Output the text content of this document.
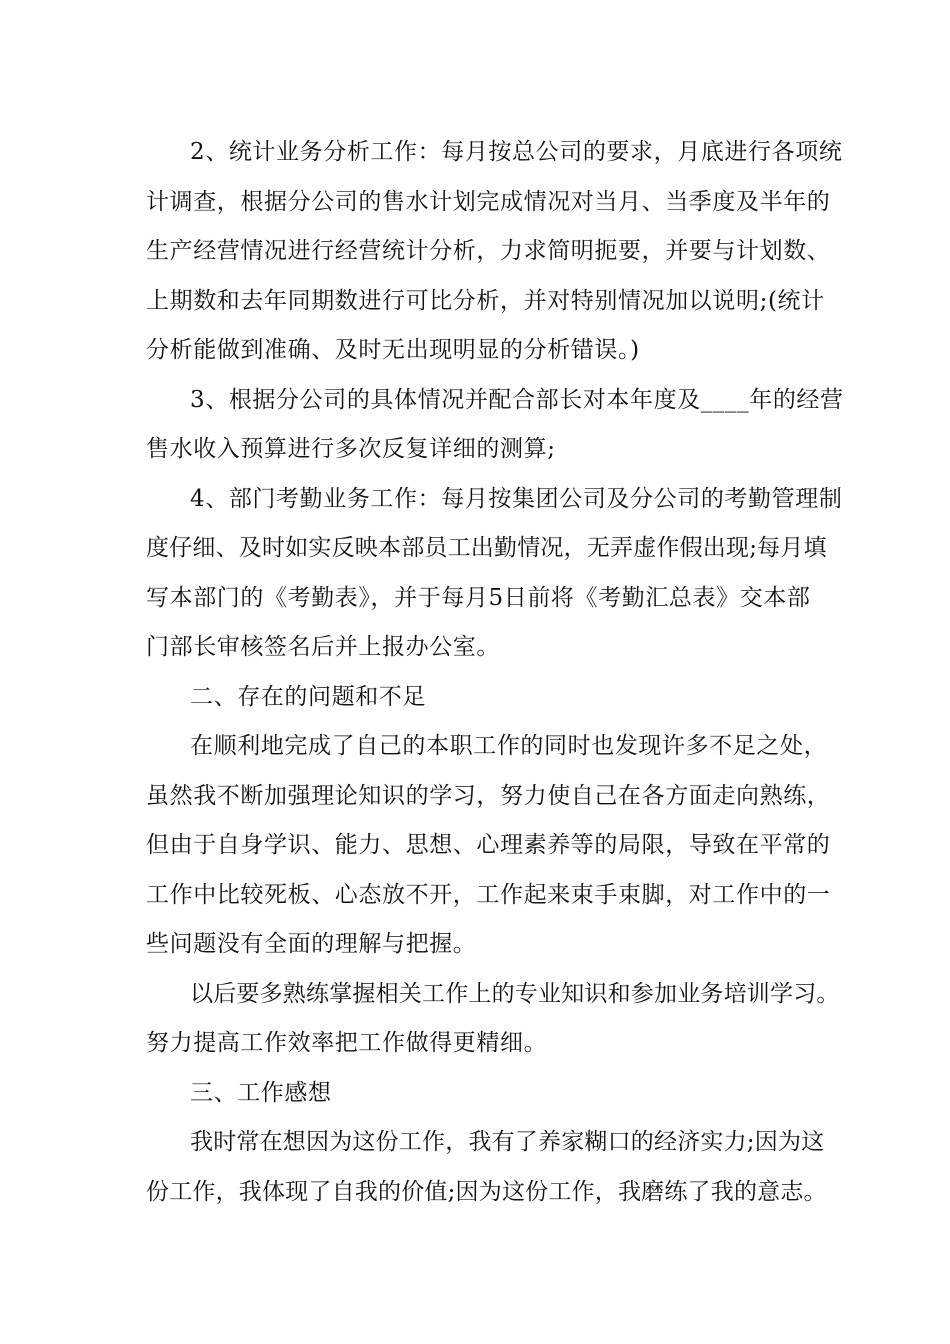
2、统计业务分析工作：每月按总公司的要求，月底进行各项统
计调查，根据分公司的售水计划完成情况对当月、当季度及半年的
生产经营情况进行经营统计分析，力求简明扼要，并要与计划数、
上期数和去年同期数进行可比分析，并对特别情况加以说明;(统计
分析能做到准确、及时无出现明显的分析错误。)
3、根据分公司的具体情况并配合部长对本年度及____年的经营
售水收入预算进行多次反复详细的测算;
4、部门考勤业务工作：每月按集团公司及分公司的考勤管理制
度仔细、及时如实反映本部员工出勤情况，无弄虚作假出现;每月填
写本部门的《考勤表》，并于每月5日前将《考勤汇总表》交本部
门部长审核签名后并上报办公室。
二、存在的问题和不足
在顺利地完成了自己的本职工作的同时也发现许多不足之处，
虽然我不断加强理论知识的学习，努力使自己在各方面走向熟练，
但由于自身学识、能力、思想、心理素养等的局限，导致在平常的
工作中比较死板、心态放不开，工作起来束手束脚，对工作中的一
些问题没有全面的理解与把握。
以后要多熟练掌握相关工作上的专业知识和参加业务培训学习。
努力提高工作效率把工作做得更精细。
三、工作感想
我时常在想因为这份工作，我有了养家糊口的经济实力;因为这
份工作，我体现了自我的价值;因为这份工作，我磨练了我的意志。
